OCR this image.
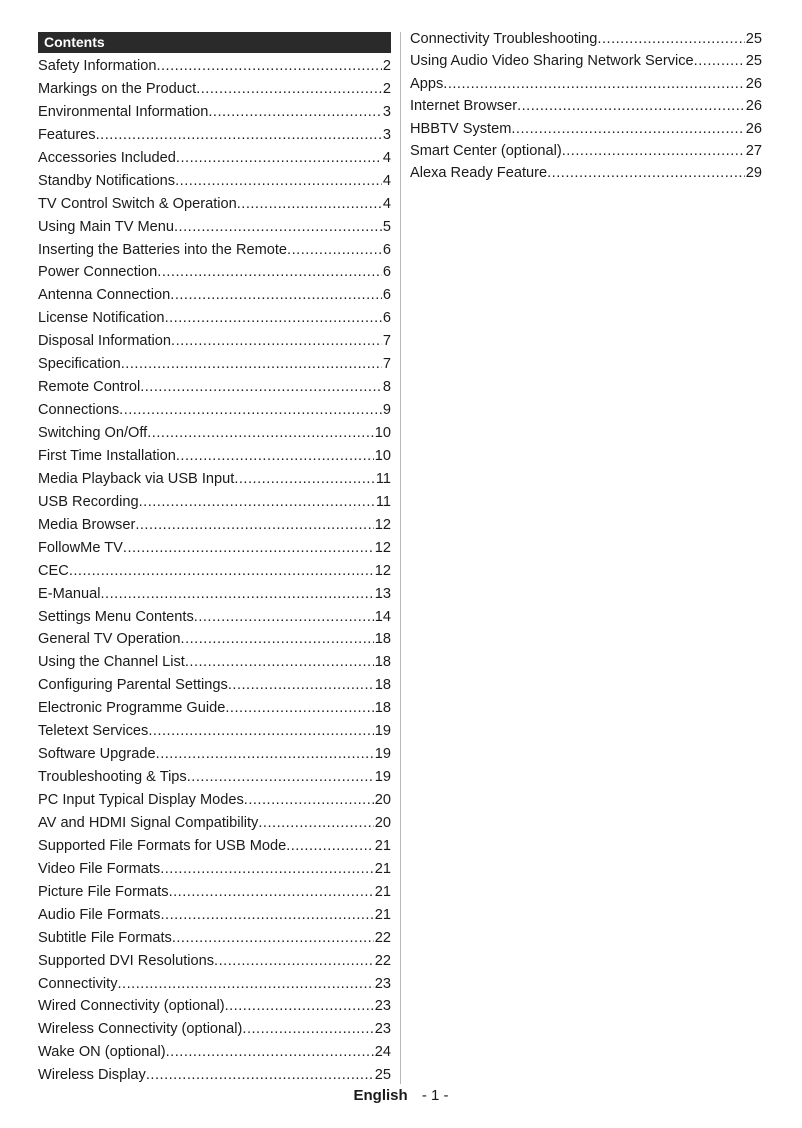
Contents
Safety Information .....	2
Markings on the Product .....	2
Environmental Information .....	3
Features .....	3
Accessories Included .....	4
Standby Notifications .....	4
TV Control Switch & Operation .....	4
Using Main TV Menu .....	5
Inserting the Batteries into the Remote .....	6
Power Connection .....	6
Antenna Connection .....	6
License Notification .....	6
Disposal Information .....	7
Specification .....	7
Remote Control .....	8
Connections .....	9
Switching On/Off .....	10
First Time Installation .....	10
Media Playback via USB Input .....	11
USB Recording .....	11
Media Browser .....	12
FollowMe TV .....	12
CEC .....	12
E-Manual .....	13
Settings Menu Contents .....	14
General TV Operation .....	18
Using the Channel List .....	18
Configuring Parental Settings .....	18
Electronic Programme Guide .....	18
Teletext Services .....	19
Software Upgrade .....	19
Troubleshooting & Tips .....	19
PC Input Typical Display Modes .....	20
AV and HDMI Signal Compatibility .....	20
Supported File Formats for USB Mode .....	21
Video File Formats .....	21
Picture File Formats .....	21
Audio File Formats .....	21
Subtitle File Formats .....	22
Supported DVI Resolutions .....	22
Connectivity .....	23
Wired Connectivity (optional) .....	23
Wireless Connectivity (optional) .....	23
Wake ON (optional) .....	24
Wireless Display .....	25
Connectivity Troubleshooting .....	25
Using Audio Video Sharing Network Service .....	25
Apps .....	26
Internet Browser .....	26
HBBTV System .....	26
Smart Center (optional) .....	27
Alexa Ready Feature .....	29
English - 1 -
